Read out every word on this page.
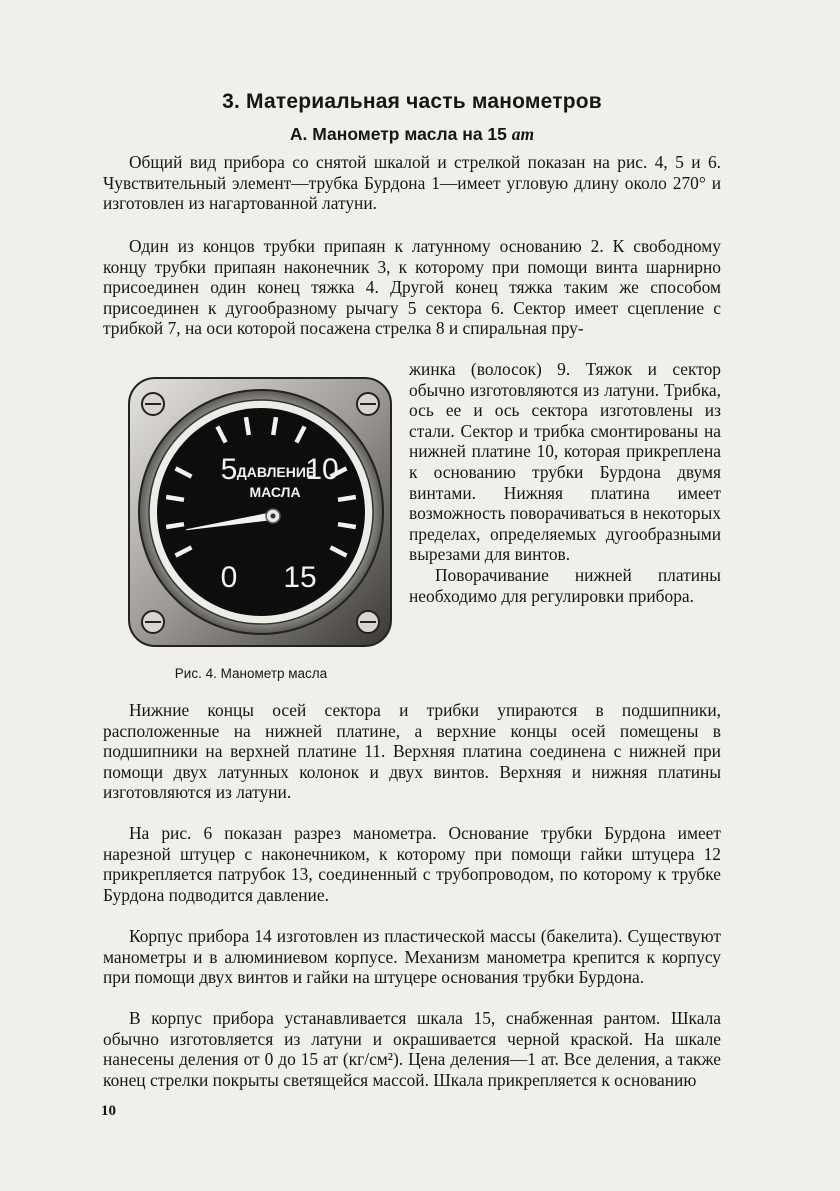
3. Материальная часть манометров
А. Манометр масла на 15 ат

Общий вид прибора со снятой шкалой и стрелкой показан на рис. 4, 5 и 6. Чувствительный элемент—трубка Бурдона 1—имеет угловую длину около 270° и изготовлен из нагартованной латуни.

Один из концов трубки припаян к латунному основанию 2. К свободному концу трубки припаян наконечник 3, к которому при помощи винта шарнирно присоединен один конец тяжка 4. Другой конец тяжка таким же способом присоединен к дугообразному рычагу 5 сектора 6. Сектор имеет сцепление с трибкой 7, на оси которой посажена стрелка 8 и спиральная пру-

жинка (волосок) 9. Тяжок и сектор обычно изготовляются из латуни. Трибка, ось ее и ось сектора изготовлены из стали. Сектор и трибка смонтированы на нижней платине 10, которая прикреплена к основанию трубки Бурдона двумя винтами. Нижняя платина имеет возможность поворачиваться в некоторых пределах, определяемых дугообразными вырезами для винтов.

Поворачивание нижней платины необходимо для регулировки прибора.

5 10
ДАВЛЕНИЕ
МАСЛА
0 15
Рис. 4. Манометр масла

Нижние концы осей сектора и трибки упираются в подшипники, расположенные на нижней платине, а верхние концы осей помещены в подшипники на верхней платине 11. Верхняя платина соединена с нижней при помощи двух латунных колонок и двух винтов. Верхняя и нижняя платины изготовляются из латуни.

На рис. 6 показан разрез манометра. Основание трубки Бурдона имеет нарезной штуцер с наконечником, к которому при помощи гайки штуцера 12 прикрепляется патрубок 13, соединенный с трубопроводом, по которому к трубке Бурдона подводится давление.

Корпус прибора 14 изготовлен из пластической массы (бакелита). Существуют манометры и в алюминиевом корпусе. Механизм манометра крепится к корпусу при помощи двух винтов и гайки на штуцере основания трубки Бурдона.

В корпус прибора устанавливается шкала 15, снабженная рантом. Шкала обычно изготовляется из латуни и окрашивается черной краской. На шкале нанесены деления от 0 до 15 ат (кг/см²). Цена деления—1 ат. Все деления, а также конец стрелки покрыты светящейся массой. Шкала прикрепляется к основанию

10
